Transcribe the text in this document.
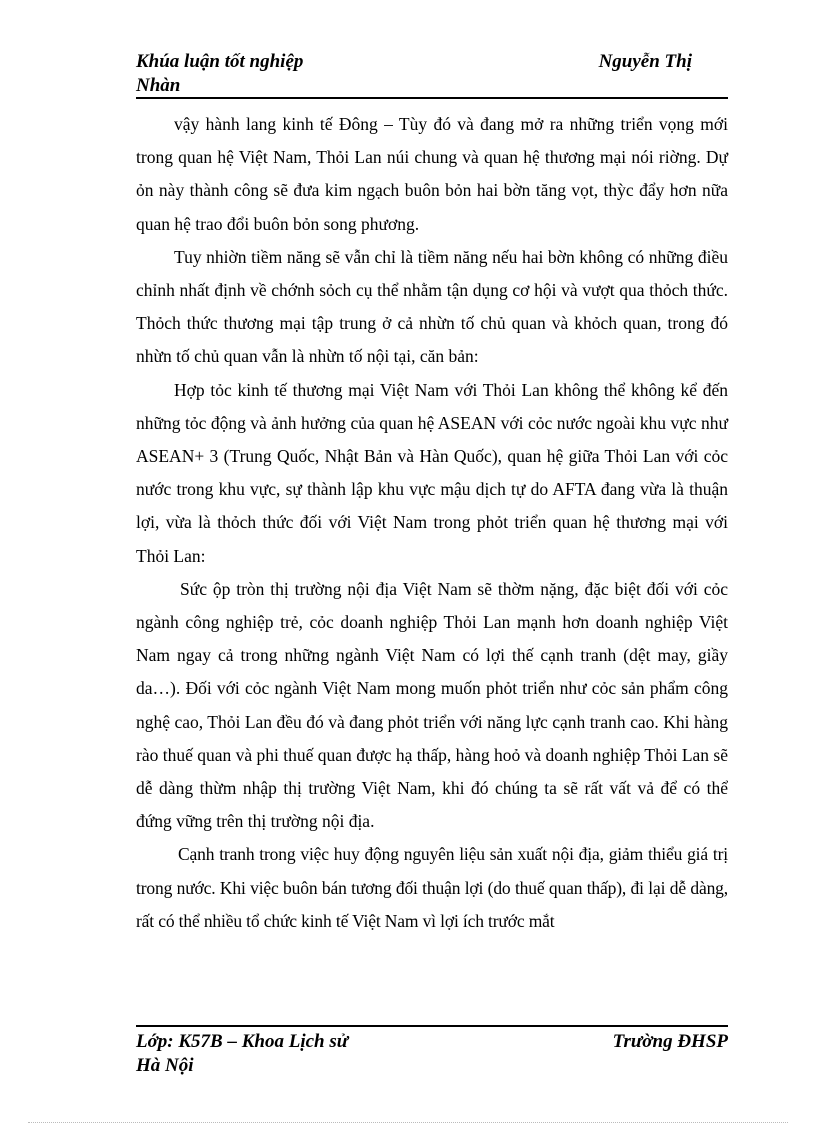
Khúa luận tốt nghiệp	Nguyễn Thị
Nhàn

vậy hành lang kinh tế Đông – Tùy đó và đang mở ra những triển vọng mới trong quan hệ Việt Nam, Thỏi Lan núi chung và quan hệ thương mại nói riờng. Dự ỏn này thành công sẽ đưa kim ngạch buôn bỏn hai bờn tăng vọt, thỳc đẩy hơn nữa quan hệ trao đổi buôn bỏn song phương.

Tuy nhiờn tiềm năng sẽ vẫn chỉ là tiềm năng nếu hai bờn không có những điều chỉnh nhất định về chớnh sỏch cụ thể nhằm tận dụng cơ hội và vượt qua thỏch thức. Thỏch thức thương mại tập trung ở cả nhừn tố chủ quan và khỏch quan, trong đó nhừn tố chủ quan vẫn là nhừn tố nội tại, căn bản:

Hợp tỏc kinh tế thương mại Việt Nam với Thỏi Lan không thể không kể đến những tỏc động và ảnh hưởng của quan hệ ASEAN với cỏc nước ngoài khu vực như ASEAN+ 3 (Trung Quốc, Nhật Bản và Hàn Quốc), quan hệ giữa Thỏi Lan với cỏc nước trong khu vực, sự thành lập khu vực mậu dịch tự do AFTA đang vừa là thuận lợi, vừa là thỏch thức đối với Việt Nam trong phỏt triển quan hệ thương mại với Thỏi Lan:

Sức ộp tròn thị trường nội địa Việt Nam sẽ thờm nặng, đặc biệt đối với cỏc ngành công nghiệp trẻ, cỏc doanh nghiệp Thỏi Lan mạnh hơn doanh nghiệp Việt Nam ngay cả trong những ngành Việt Nam có lợi thế cạnh tranh (dệt may, giầy da…). Đối với cỏc ngành Việt Nam mong muốn phỏt triển như cỏc sản phẩm công nghệ cao, Thỏi Lan đều đó và đang phỏt triển với năng lực cạnh tranh cao. Khi hàng rào thuế quan và phi thuế quan được hạ thấp, hàng hoỏ và doanh nghiệp Thỏi Lan sẽ dễ dàng thừm nhập thị trường Việt Nam, khi đó chúng ta sẽ rất vất vả để có thể đứng vững trên thị trường nội địa.

Cạnh tranh trong việc huy động nguyên liệu sản xuất nội địa, giảm thiểu giá trị trong nước. Khi việc buôn bán tương đối thuận lợi (do thuế quan thấp), đi lại dễ dàng, rất có thể nhiều tổ chức kinh tế Việt Nam vì lợi ích trước mắt

Lớp: K57B – Khoa Lịch sử	Trường ĐHSP
Hà Nội
